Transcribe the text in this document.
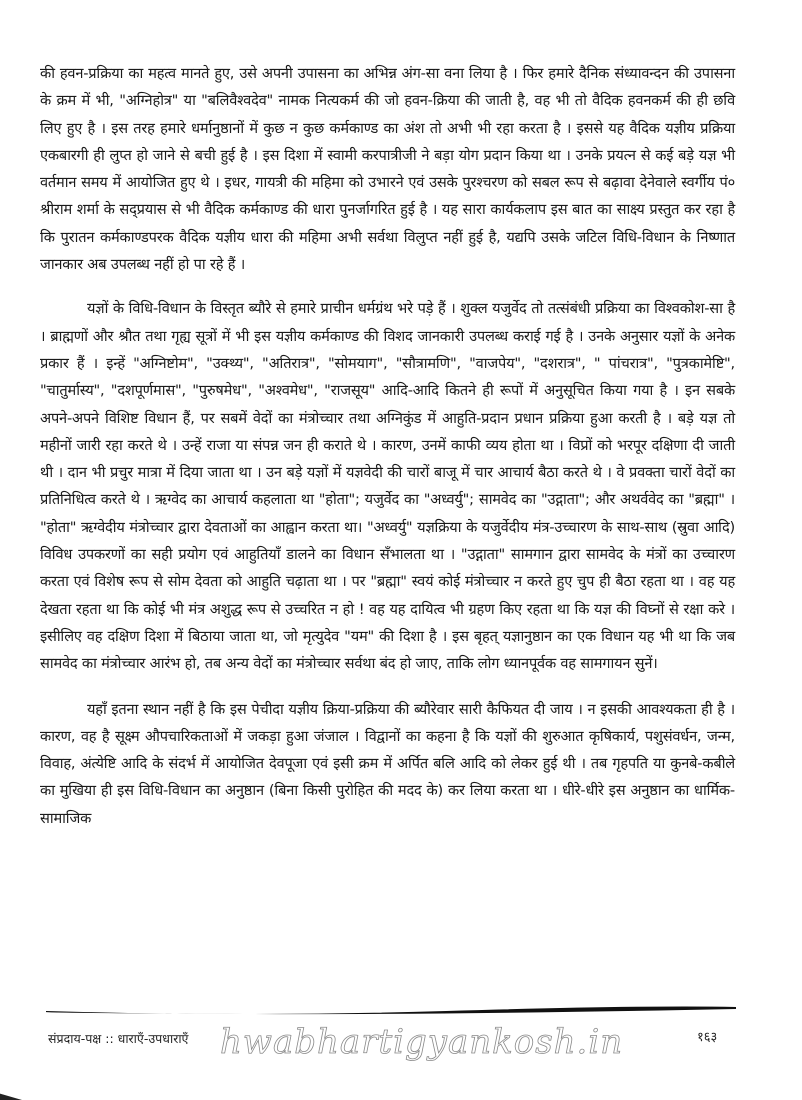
की हवन-प्रक्रिया का महत्व मानते हुए, उसे अपनी उपासना का अभिन्न अंग-सा वना लिया है । फिर हमारे दैनिक संध्यावन्दन की उपासना के क्रम में भी, "अग्निहोत्र" या "बलिवैश्वदेव" नामक नित्यकर्म की जो हवन-क्रिया की जाती है, वह भी तो वैदिक हवनकर्म की ही छवि लिए हुए है । इस तरह हमारे धर्मानुष्ठानों में कुछ न कुछ कर्मकाण्ड का अंश तो अभी भी रहा करता है । इससे यह वैदिक यज्ञीय प्रक्रिया एकबारगी ही लुप्त हो जाने से बची हुई है । इस दिशा में स्वामी करपात्रीजी ने बड़ा योग प्रदान किया था । उनके प्रयत्न से कई बड़े यज्ञ भी वर्तमान समय में आयोजित हुए थे । इधर, गायत्री की महिमा को उभारने एवं उसके पुरश्चरण को सबल रूप से बढ़ावा देनेवाले स्वर्गीय पं० श्रीराम शर्मा के सद्प्रयास से भी वैदिक कर्मकाण्ड की धारा पुनर्जागरित हुई है । यह सारा कार्यकलाप इस बात का साक्ष्य प्रस्तुत कर रहा है कि पुरातन कर्मकाण्डपरक वैदिक यज्ञीय धारा की महिमा अभी सर्वथा विलुप्त नहीं हुई है, यद्यपि उसके जटिल विधि-विधान के निष्णात जानकार अब उपलब्ध नहीं हो पा रहे हैं ।

यज्ञों के विधि-विधान के विस्तृत ब्यौरे से हमारे प्राचीन धर्मग्रंथ भरे पड़े हैं । शुक्ल यजुर्वेद तो तत्संबंधी प्रक्रिया का विश्वकोश-सा है । ब्राह्मणों और श्रौत तथा गृह्य सूत्रों में भी इस यज्ञीय कर्मकाण्ड की विशद जानकारी उपलब्ध कराई गई है । उनके अनुसार यज्ञों के अनेक प्रकार हैं । इन्हें "अग्निष्टोम", "उक्थ्य", "अतिरात्र", "सोमयाग", "सौत्रामणि", "वाजपेय", "दशरात्र", " पांचरात्र", "पुत्रकामेष्टि", "चातुर्मास्य", "दशपूर्णमास", "पुरुषमेध", "अश्वमेध", "राजसूय" आदि-आदि कितने ही रूपों में अनुसूचित किया गया है । इन सबके अपने-अपने विशिष्ट विधान हैं, पर सबमें वेदों का मंत्रोच्चार तथा अग्निकुंड में आहुति-प्रदान प्रधान प्रक्रिया हुआ करती है । बड़े यज्ञ तो महीनों जारी रहा करते थे । उन्हें राजा या संपन्न जन ही कराते थे । कारण, उनमें काफी व्यय होता था । विप्रों को भरपूर दक्षिणा दी जाती थी । दान भी प्रचुर मात्रा में दिया जाता था । उन बड़े यज्ञों में यज्ञवेदी की चारों बाजू में चार आचार्य बैठा करते थे । वे प्रवक्ता चारों वेदों का प्रतिनिधित्व करते थे । ऋग्वेद का आचार्य कहलाता था "होता"; यजुर्वेद का "अध्वर्यु"; सामवेद का "उद्गाता"; और अथर्ववेद का "ब्रह्मा" । "होता" ऋग्वेदीय मंत्रोच्चार द्वारा देवताओं का आह्वान करता था। "अध्वर्यु" यज्ञक्रिया के यजुर्वेदीय मंत्र-उच्चारण के साथ-साथ (स्रुवा आदि) विविध उपकरणों का सही प्रयोग एवं आहुतियाँ डालने का विधान सँभालता था । "उद्गाता" सामगान द्वारा सामवेद के मंत्रों का उच्चारण करता एवं विशेष रूप से सोम देवता को आहुति चढ़ाता था । पर "ब्रह्मा" स्वयं कोई मंत्रोच्चार न करते हुए चुप ही बैठा रहता था । वह यह देखता रहता था कि कोई भी मंत्र अशुद्ध रूप से उच्चरित न हो ! वह यह दायित्व भी ग्रहण किए रहता था कि यज्ञ की विघ्नों से रक्षा करे । इसीलिए वह दक्षिण दिशा में बिठाया जाता था, जो मृत्युदेव "यम" की दिशा है । इस बृहत् यज्ञानुष्ठान का एक विधान यह भी था कि जब सामवेद का मंत्रोच्चार आरंभ हो, तब अन्य वेदों का मंत्रोच्चार सर्वथा बंद हो जाए, ताकि लोग ध्यानपूर्वक वह सामगायन सुनें।

यहाँ इतना स्थान नहीं है कि इस पेचीदा यज्ञीय क्रिया-प्रक्रिया की ब्यौरेवार सारी कैफियत दी जाय । न इसकी आवश्यकता ही है । कारण, वह है सूक्ष्म औपचारिकताओं में जकड़ा हुआ जंजाल । विद्वानों का कहना है कि यज्ञों की शुरुआत कृषिकार्य, पशुसंवर्धन, जन्म, विवाह, अंत्येष्टि आदि के संदर्भ में आयोजित देवपूजा एवं इसी क्रम में अर्पित बलि आदि को लेकर हुई थी । तब गृहपति या कुनबे-कबीले का मुखिया ही इस विधि-विधान का अनुष्ठान (बिना किसी पुरोहित की मदद के) कर लिया करता था । धीरे-धीरे इस अनुष्ठान का धार्मिक-सामाजिक

संप्रदाय-पक्ष :: धाराएँ-उपधाराएँ hwabhartigyankosh.in	१६३
